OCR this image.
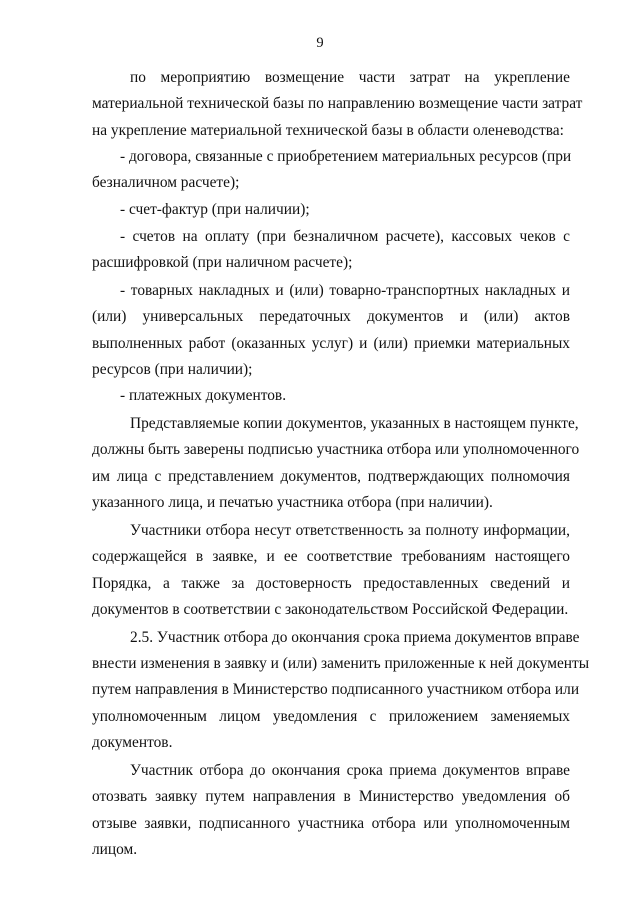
9
по мероприятию возмещение части затрат на укрепление
материальной технической базы по направлению возмещение части затрат
на укрепление материальной технической базы в области оленеводства:
- договора, связанные с приобретением материальных ресурсов (при
безналичном расчете);
- счет-фактур (при наличии);
- счетов на оплату (при безналичном расчете), кассовых чеков с
расшифровкой (при наличном расчете);
- товарных накладных и (или) товарно-транспортных накладных и
(или) универсальных передаточных документов и (или) актов
выполненных работ (оказанных услуг) и (или) приемки материальных
ресурсов (при наличии);
- платежных документов.
Представляемые копии документов, указанных в настоящем пункте,
должны быть заверены подписью участника отбора или уполномоченного
им лица с представлением документов, подтверждающих полномочия
указанного лица, и печатью участника отбора (при наличии).
Участники отбора несут ответственность за полноту информации,
содержащейся в заявке, и ее соответствие требованиям настоящего
Порядка, а также за достоверность предоставленных сведений и
документов в соответствии с законодательством Российской Федерации.
2.5. Участник отбора до окончания срока приема документов вправе
внести изменения в заявку и (или) заменить приложенные к ней документы
путем направления в Министерство подписанного участником отбора или
уполномоченным лицом уведомления с приложением заменяемых
документов.
Участник отбора до окончания срока приема документов вправе
отозвать заявку путем направления в Министерство уведомления об
отзыве заявки, подписанного участника отбора или уполномоченным
лицом.
